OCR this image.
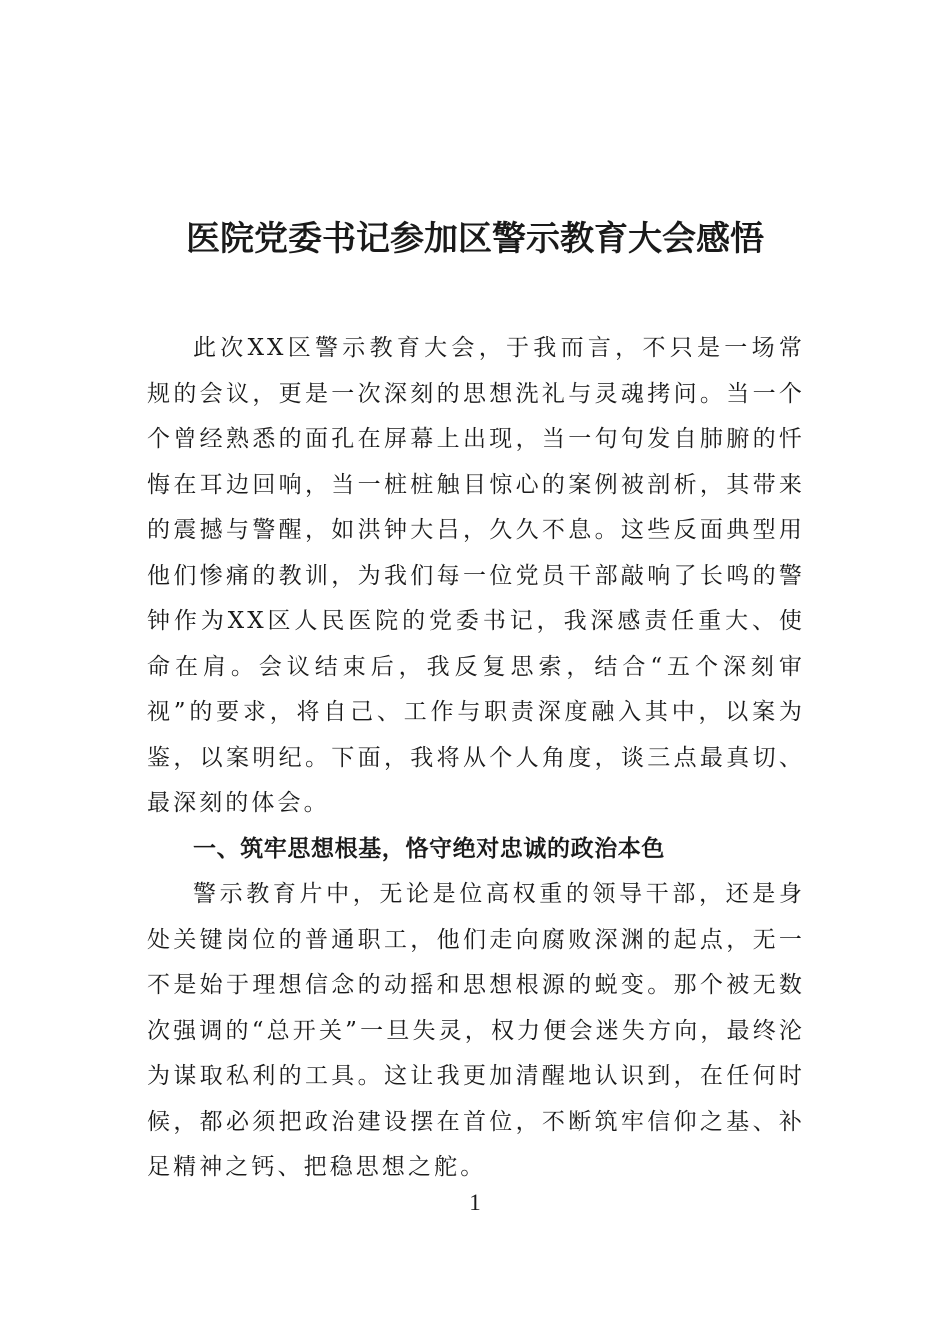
医院党委书记参加区警示教育大会感悟

此次XX区警示教育大会，于我而言，不只是一场常规的会议，更是一次深刻的思想洗礼与灵魂拷问。当一个个曾经熟悉的面孔在屏幕上出现，当一句句发自肺腑的忏悔在耳边回响，当一桩桩触目惊心的案例被剖析，其带来的震撼与警醒，如洪钟大吕，久久不息。这些反面典型用他们惨痛的教训，为我们每一位党员干部敲响了长鸣的警钟作为XX区人民医院的党委书记，我深感责任重大、使命在肩。会议结束后，我反复思索，结合“五个深刻审视”的要求，将自己、工作与职责深度融入其中，以案为鉴，以案明纪。下面，我将从个人角度，谈三点最真切、最深刻的体会。

一、筑牢思想根基，恪守绝对忠诚的政治本色

警示教育片中，无论是位高权重的领导干部，还是身处关键岗位的普通职工，他们走向腐败深渊的起点，无一不是始于理想信念的动摇和思想根源的蜕变。那个被无数次强调的“总开关”一旦失灵，权力便会迷失方向，最终沦为谋取私利的工具。这让我更加清醒地认识到，在任何时候，都必须把政治建设摆在首位，不断筑牢信仰之基、补足精神之钙、把稳思想之舵。

1
